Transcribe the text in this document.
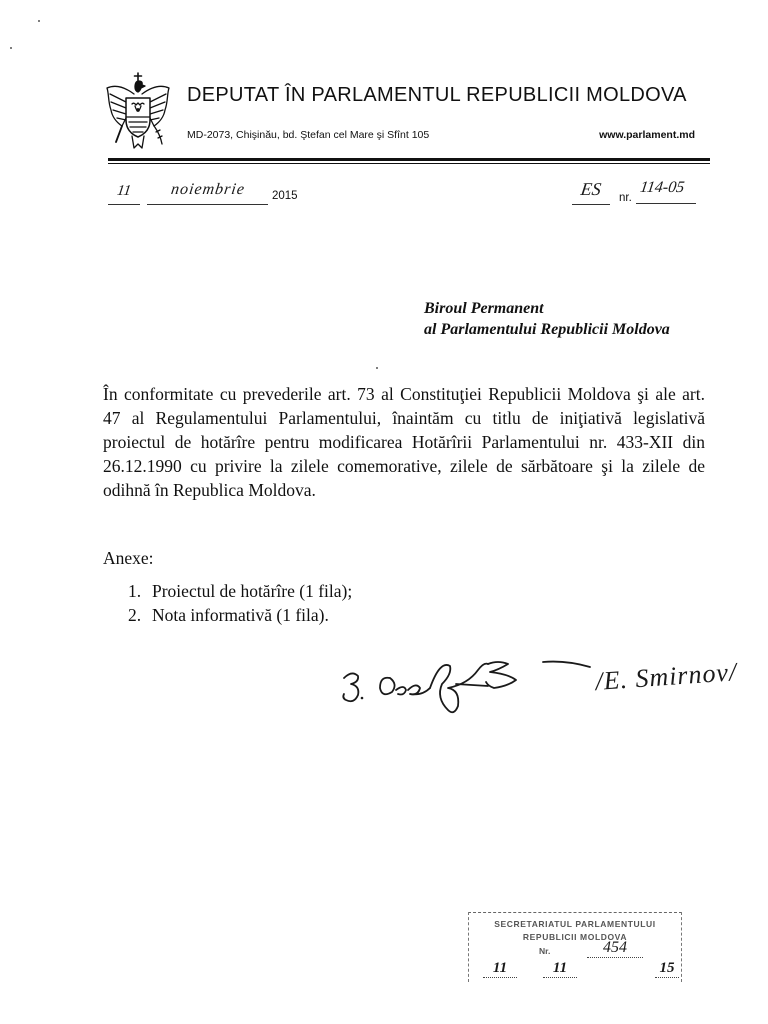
DEPUTAT ÎN PARLAMENTUL REPUBLICII MOLDOVA
MD-2073, Chişinău, bd. Ştefan cel Mare şi Sfînt 105	www.parlament.md
11	noiembrie	2015	ES	nr.
114-05
Biroul Permanent
al Parlamentului Republicii Moldova
În conformitate cu prevederile art. 73 al Constituţiei Republicii Moldova şi ale art.
47 al Regulamentului Parlamentului, înaintăm cu titlu de iniţiativă legislativă
proiectul de hotărîre pentru modificarea Hotărîrii Parlamentului nr. 433-XII din
26.12.1990 cu privire la zilele comemorative, zilele de sărbătoare şi la zilele de
odihnă în Republica Moldova.
Anexe:
1. Proiectul de hotărîre (1 fila);
2. Nota informativă (1 fila).
/E. Smirnov/
SECRETARIATUL PARLAMENTULUI
REPUBLICII MOLDOVA
Nr.	454
11	11	15
